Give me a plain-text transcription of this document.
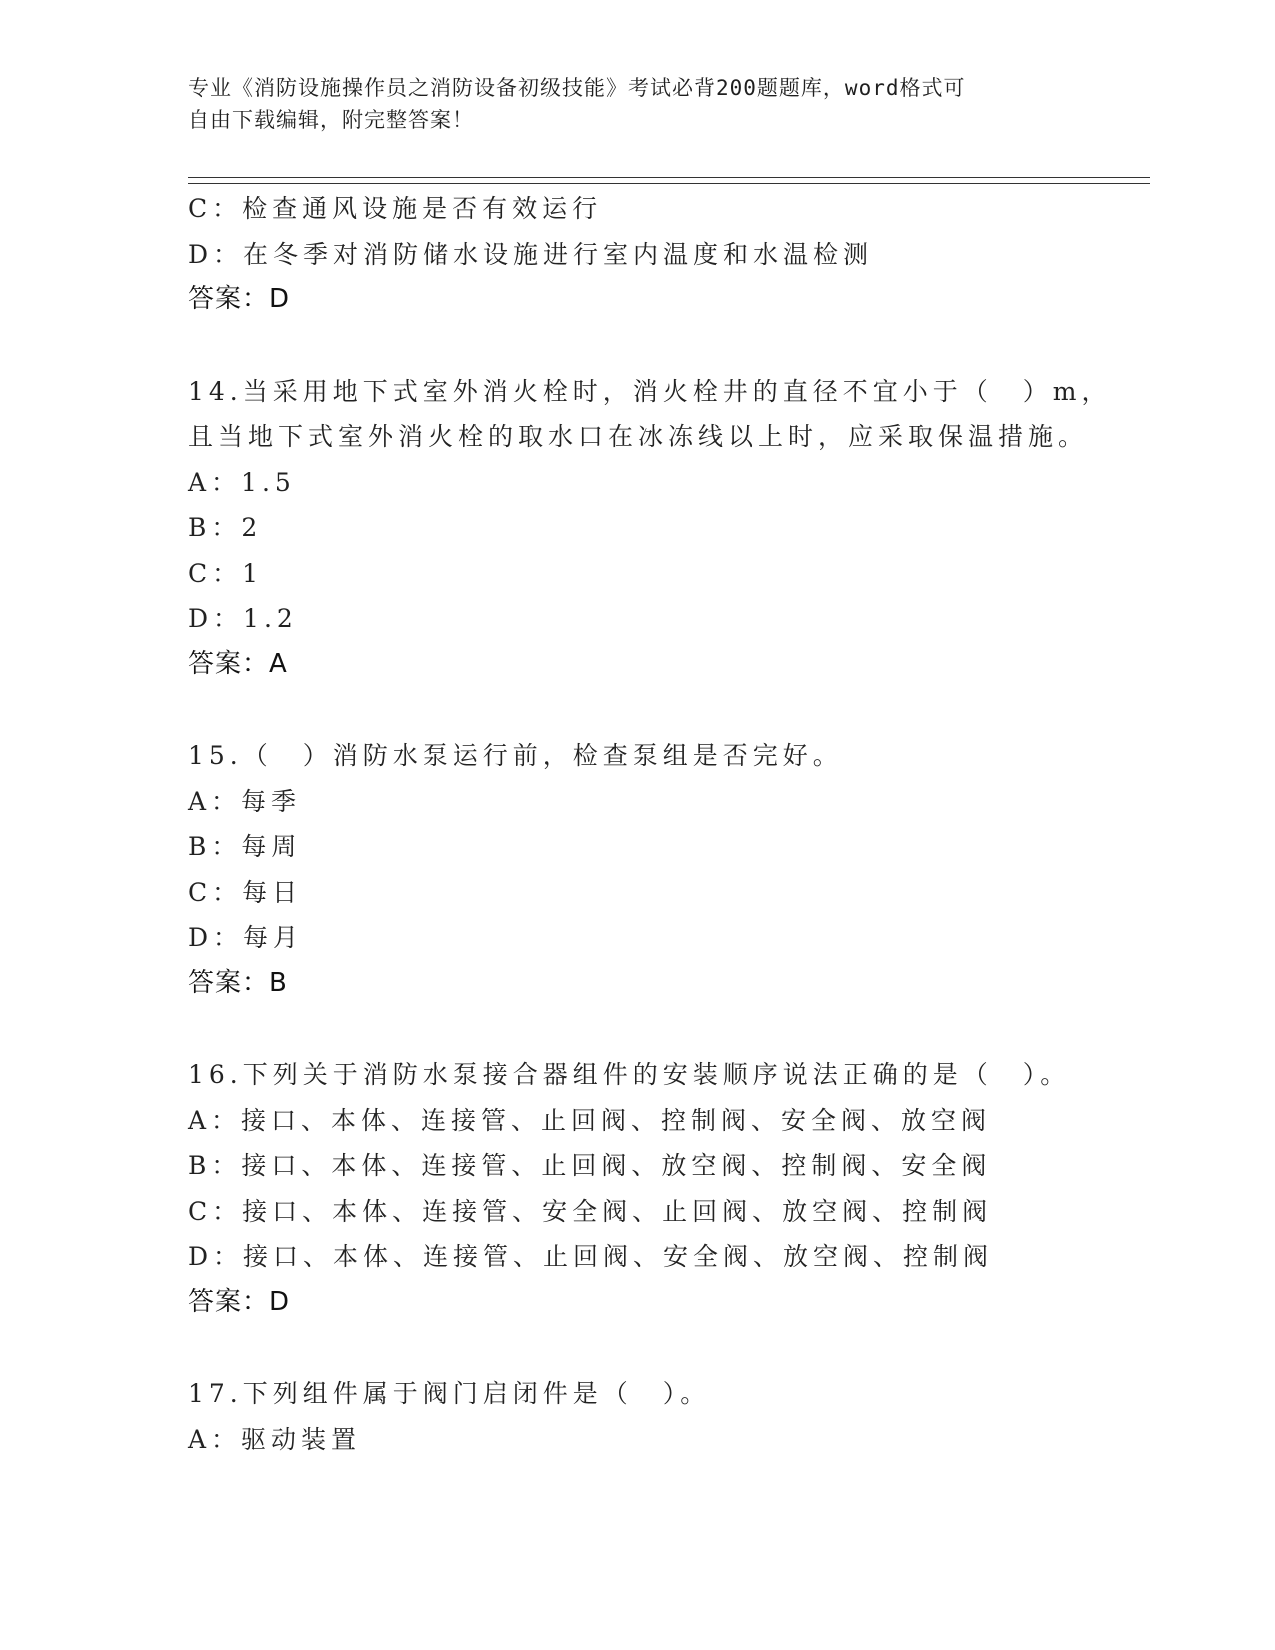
专业《消防设施操作员之消防设备初级技能》考试必背200题题库，word格式可
自由下载编辑，附完整答案！
C：检查通风设施是否有效运行
D：在冬季对消防储水设施进行室内温度和水温检测
答案：D
14.当采用地下式室外消火栓时，消火栓井的直径不宜小于（　）m，
且当地下式室外消火栓的取水口在冰冻线以上时，应采取保温措施。
A：1.5
B：2
C：1
D：1.2
答案：A
15.（　）消防水泵运行前，检查泵组是否完好。
A：每季
B：每周
C：每日
D：每月
答案：B
16.下列关于消防水泵接合器组件的安装顺序说法正确的是（　）。
A：接口、本体、连接管、止回阀、控制阀、安全阀、放空阀
B：接口、本体、连接管、止回阀、放空阀、控制阀、安全阀
C：接口、本体、连接管、安全阀、止回阀、放空阀、控制阀
D：接口、本体、连接管、止回阀、安全阀、放空阀、控制阀
答案：D
17.下列组件属于阀门启闭件是（　）。
A：驱动装置
